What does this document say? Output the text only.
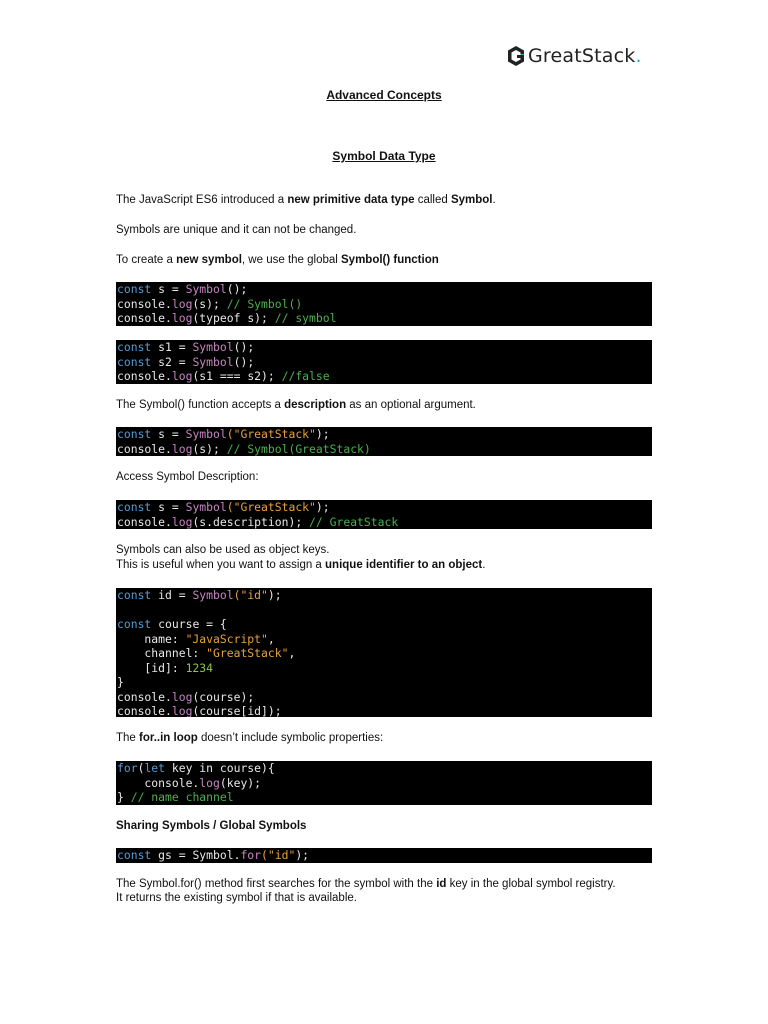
GreatStack .
Advanced Concepts
Symbol Data Type
The JavaScript ES6 introduced a new primitive data type called Symbol.
Symbols are unique and it can not be changed.
To create a new symbol, we use the global Symbol() function
const s = Symbol();
console.log(s); // Symbol()
console.log(typeof s); // symbol
const s1 = Symbol();
const s2 = Symbol();
console.log(s1 === s2); //false
The Symbol() function accepts a description as an optional argument.
const s = Symbol("GreatStack");
console.log(s); // Symbol(GreatStack)
Access Symbol Description:
const s = Symbol("GreatStack");
console.log(s.description); // GreatStack
Symbols can also be used as object keys.
This is useful when you want to assign a unique identifier to an object.
const id = Symbol("id");
const course = {
name: "JavaScript",
channel: "GreatStack",
[id]: 1234
}
console.log(course);
console.log(course[id]);
The for..in loop doesn’t include symbolic properties:
for(let key in course){
console.log(key);
} // name channel
Sharing Symbols / Global Symbols
const gs = Symbol.for("id");
The Symbol.for() method first searches for the symbol with the id key in the global symbol registry.
It returns the existing symbol if that is available.
